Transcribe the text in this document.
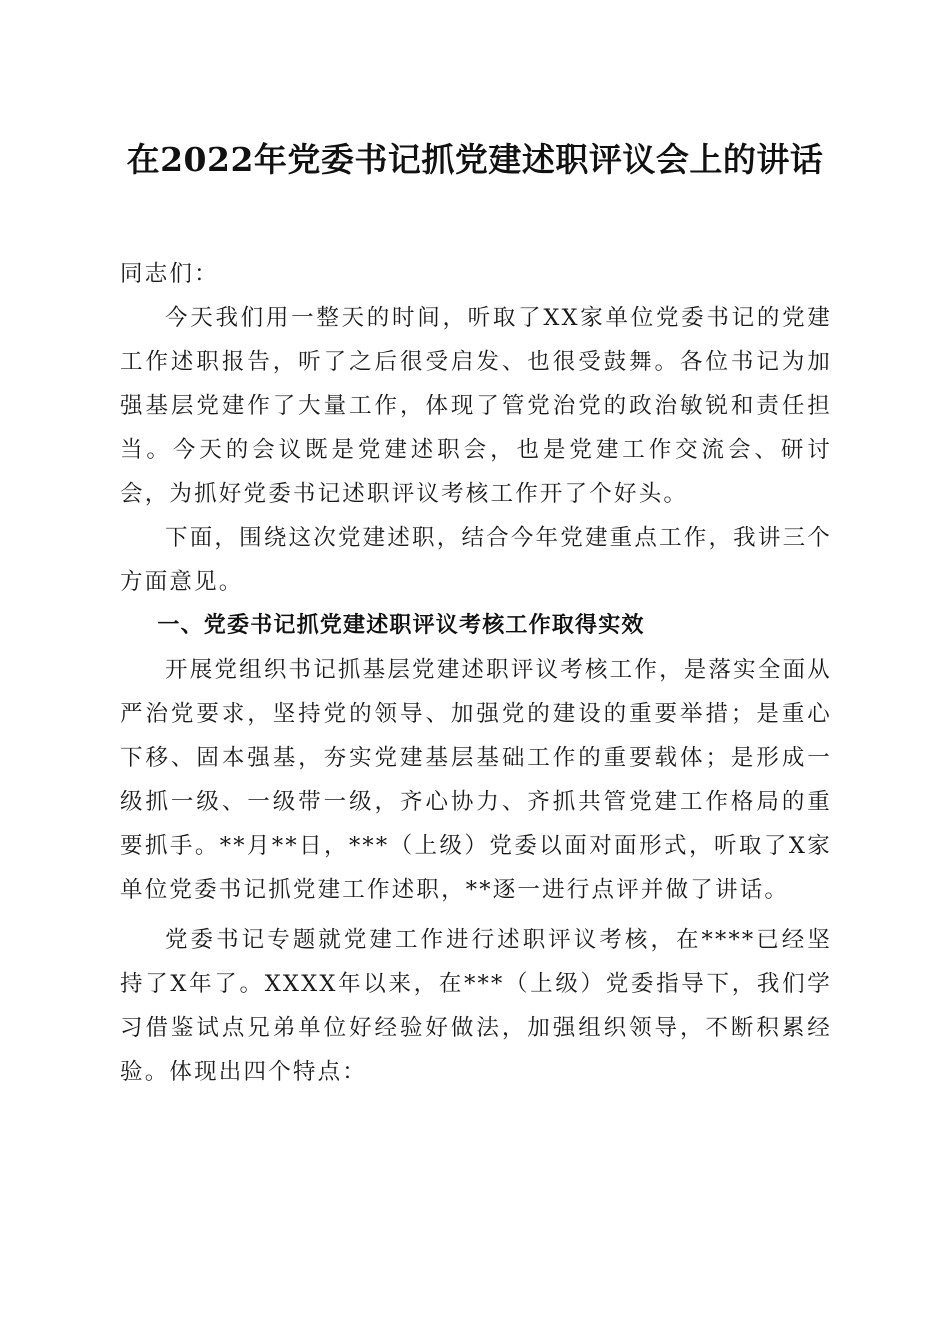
在2022年党委书记抓党建述职评议会上的讲话

同志们：

今天我们用一整天的时间，听取了XX家单位党委书记的党建工作述职报告，听了之后很受启发、也很受鼓舞。各位书记为加强基层党建作了大量工作，体现了管党治党的政治敏锐和责任担当。今天的会议既是党建述职会，也是党建工作交流会、研讨会，为抓好党委书记述职评议考核工作开了个好头。

下面，围绕这次党建述职，结合今年党建重点工作，我讲三个方面意见。

一、党委书记抓党建述职评议考核工作取得实效

开展党组织书记抓基层党建述职评议考核工作，是落实全面从严治党要求，坚持党的领导、加强党的建设的重要举措；是重心下移、固本强基，夯实党建基层基础工作的重要载体；是形成一级抓一级、一级带一级，齐心协力、齐抓共管党建工作格局的重要抓手。**月**日，***（上级）党委以面对面形式，听取了X家单位党委书记抓党建工作述职，**逐一进行点评并做了讲话。

党委书记专题就党建工作进行述职评议考核，在****已经坚持了X年了。XXXX年以来，在***（上级）党委指导下，我们学习借鉴试点兄弟单位好经验好做法，加强组织领导，不断积累经验。体现出四个特点：
